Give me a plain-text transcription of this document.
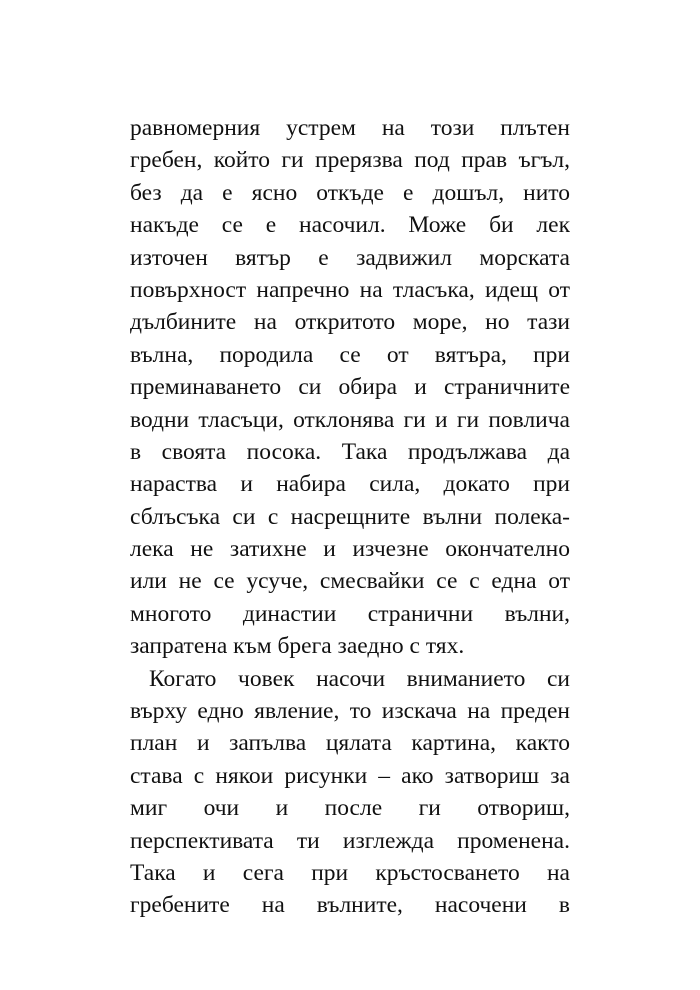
равномерния устрем на този плътен
гребен, който ги прерязва под прав ъгъл,
без да е ясно откъде е дошъл, нито
накъде се е насочил. Може би лек
източен вятър е задвижил морската
повърхност напречно на тласъка, идещ от
дълбините на откритото море, но тази
вълна, породила се от вятъра, при
преминаването си обира и страничните
водни тласъци, отклонява ги и ги повлича
в своята посока. Така продължава да
нараства и набира сила, докато при
сблъсъка си с насрещните вълни полека-
лека не затихне и изчезне окончателно
или не се усуче, смесвайки се с една от
многото династии странични вълни,
запратена към брега заедно с тях.
Когато човек насочи вниманието си
върху едно явление, то изскача на преден
план и запълва цялата картина, както
става с някои рисунки – ако затвориш за
миг очи и после ги отвориш,
перспективата ти изглежда променена.
Така и сега при кръстосването на
гребените на вълните, насочени в
